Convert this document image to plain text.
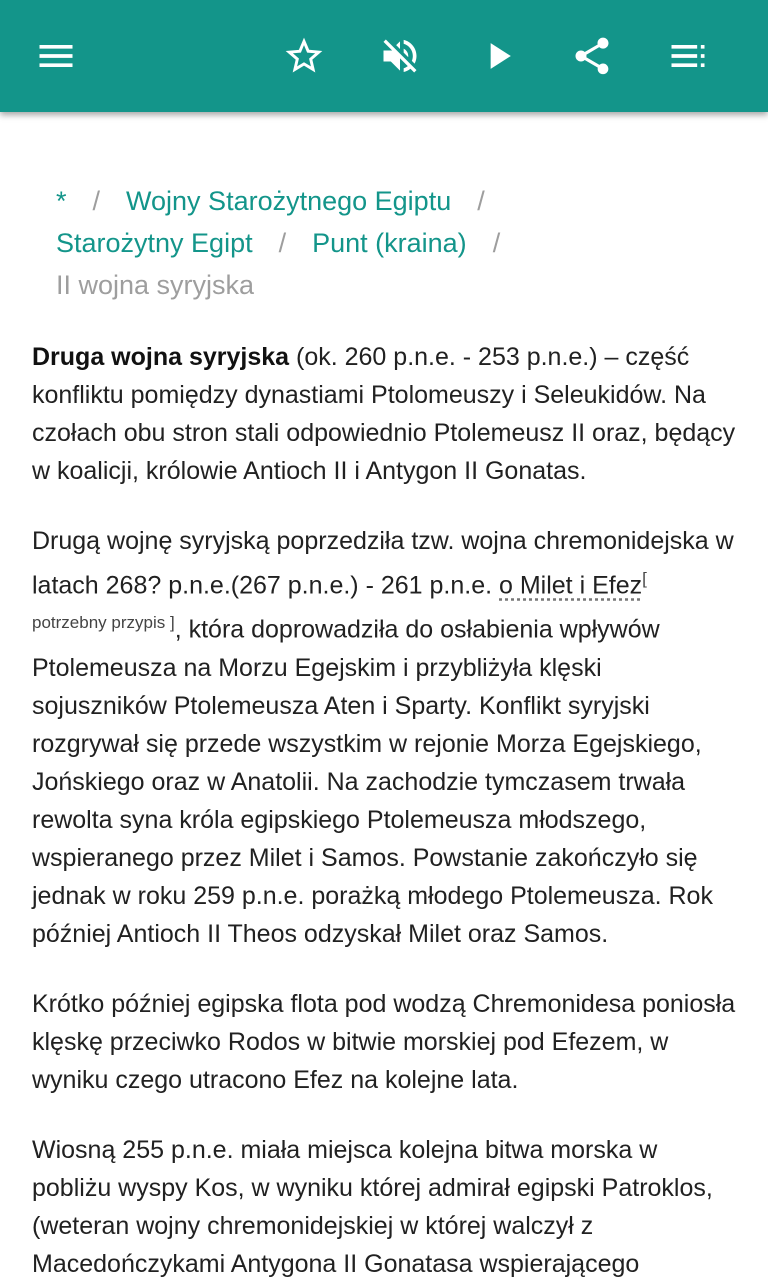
* / Wojny Starożytnego Egiptu /
Starożytny Egipt / Punt (kraina) /
II wojna syryjska

Druga wojna syryjska (ok. 260 p.n.e. - 253 p.n.e.) – część konfliktu pomiędzy dynastiami Ptolomeuszy i Seleukidów. Na czołach obu stron stali odpowiednio Ptolemeusz II oraz, będący w koalicji, królowie Antioch II i Antygon II Gonatas.

Drugą wojnę syryjską poprzedziła tzw. wojna chremonidejska w latach 268? p.n.e.(267 p.n.e.) - 261 p.n.e. o Milet i Efez[
potrzebny przypis ], która doprowadziła do osłabienia wpływów Ptolemeusza na Morzu Egejskim i przybliżyła klęski sojuszników Ptolemeusza Aten i Sparty. Konflikt syryjski rozgrywał się przede wszystkim w rejonie Morza Egejskiego, Jońskiego oraz w Anatolii. Na zachodzie tymczasem trwała rewolta syna króla egipskiego Ptolemeusza młodszego, wspieranego przez Milet i Samos. Powstanie zakończyło się jednak w roku 259 p.n.e. porażką młodego Ptolemeusza. Rok później Antioch II Theos odzyskał Milet oraz Samos.

Krótko później egipska flota pod wodzą Chremonidesa poniosła klęskę przeciwko Rodos w bitwie morskiej pod Efezem, w wyniku czego utracono Efez na kolejne lata.

Wiosną 255 p.n.e. miała miejsca kolejna bitwa morska w pobliżu wyspy Kos, w wyniku której admirał egipski Patroklos, (weteran wojny chremonidejskiej w której walczył z Macedończykami Antygona II Gonatasa wspierającego
